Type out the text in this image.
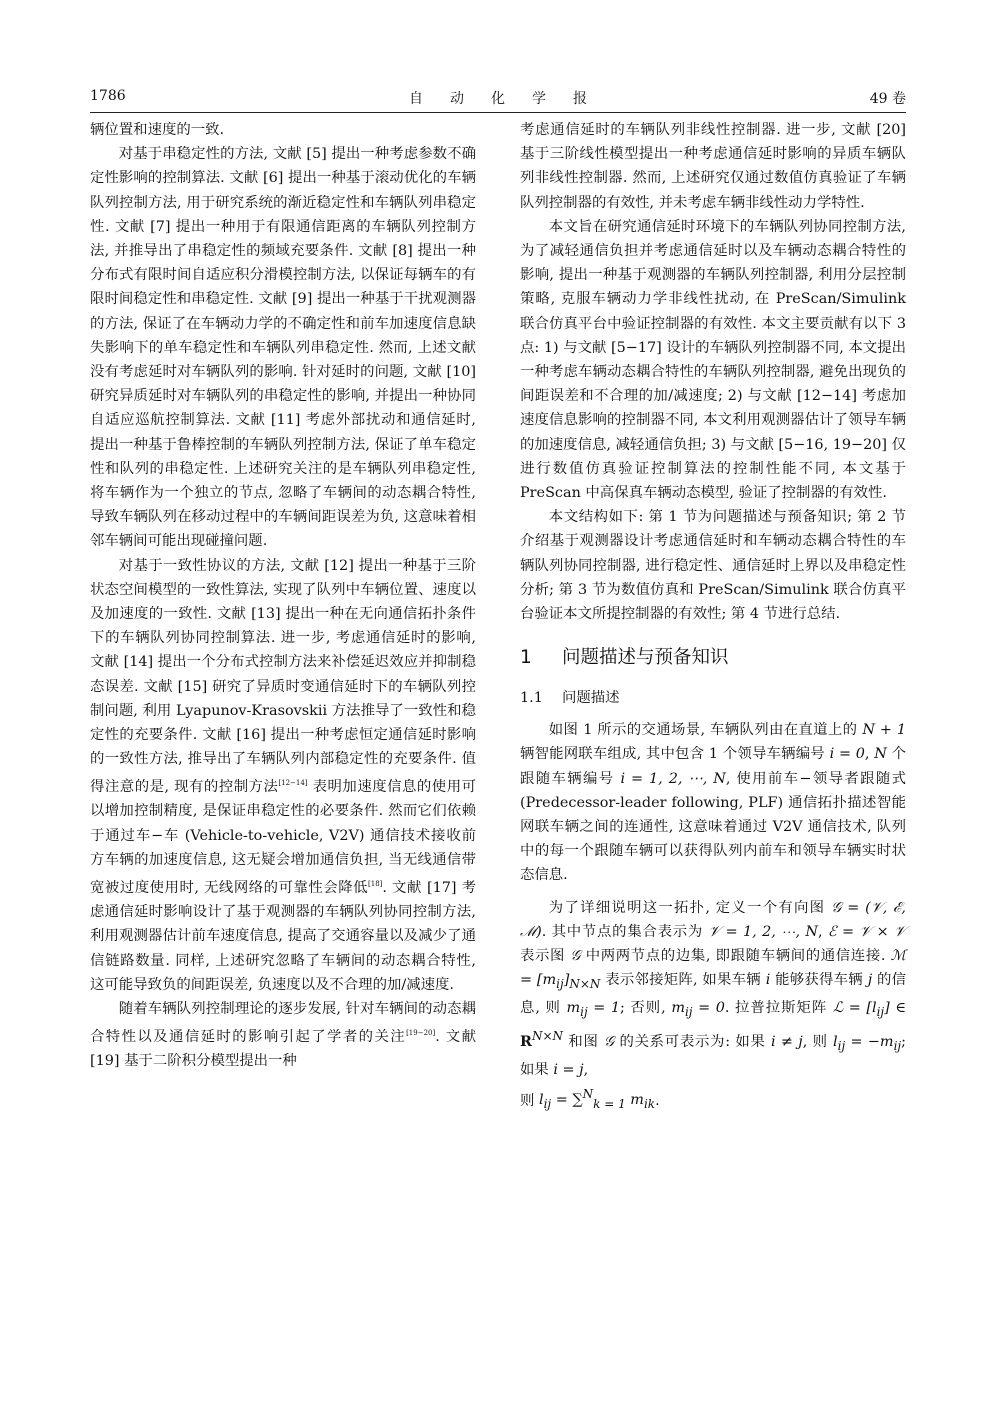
1786	自动化学报	49 卷

辆位置和速度的一致.

对基于串稳定性的方法, 文献 [5] 提出一种考虑参数不确定性影响的控制算法. 文献 [6] 提出一种基于滚动优化的车辆队列控制方法, 用于研究系统的渐近稳定性和车辆队列串稳定性. 文献 [7] 提出一种用于有限通信距离的车辆队列控制方法, 并推导出了串稳定性的频域充要条件. 文献 [8] 提出一种分布式有限时间自适应积分滑模控制方法, 以保证每辆车的有限时间稳定性和串稳定性. 文献 [9] 提出一种基于干扰观测器的方法, 保证了在车辆动力学的不确定性和前车加速度信息缺失影响下的单车稳定性和车辆队列串稳定性. 然而, 上述文献没有考虑延时对车辆队列的影响. 针对延时的问题, 文献 [10] 研究异质延时对车辆队列的串稳定性的影响, 并提出一种协同自适应巡航控制算法. 文献 [11] 考虑外部扰动和通信延时, 提出一种基于鲁棒控制的车辆队列控制方法, 保证了单车稳定性和队列的串稳定性. 上述研究关注的是车辆队列串稳定性, 将车辆作为一个独立的节点, 忽略了车辆间的动态耦合特性, 导致车辆队列在移动过程中的车辆间距误差为负, 这意味着相邻车辆间可能出现碰撞问题.

对基于一致性协议的方法, 文献 [12] 提出一种基于三阶状态空间模型的一致性算法, 实现了队列中车辆位置、速度以及加速度的一致性. 文献 [13] 提出一种在无向通信拓扑条件下的车辆队列协同控制算法. 进一步, 考虑通信延时的影响, 文献 [14] 提出一个分布式控制方法来补偿延迟效应并抑制稳态误差. 文献 [15] 研究了异质时变通信延时下的车辆队列控制问题, 利用 Lyapunov-Krasovskii 方法推导了一致性和稳定性的充要条件. 文献 [16] 提出一种考虑恒定通信延时影响的一致性方法, 推导出了车辆队列内部稳定性的充要条件. 值得注意的是, 现有的控制方法[12−14] 表明加速度信息的使用可以增加控制精度, 是保证串稳定性的必要条件. 然而它们依赖于通过车−车 (Vehicle-to-vehicle, V2V) 通信技术接收前方车辆的加速度信息, 这无疑会增加通信负担, 当无线通信带宽被过度使用时, 无线网络的可靠性会降低[18]. 文献 [17] 考虑通信延时影响设计了基于观测器的车辆队列协同控制方法, 利用观测器估计前车速度信息, 提高了交通容量以及减少了通信链路数量. 同样, 上述研究忽略了车辆间的动态耦合特性, 这可能导致负的间距误差, 负速度以及不合理的加/减速度.

随着车辆队列控制理论的逐步发展, 针对车辆间的动态耦合特性以及通信延时的影响引起了学者的关注[19−20]. 文献 [19] 基于二阶积分模型提出一种

考虑通信延时的车辆队列非线性控制器. 进一步, 文献 [20] 基于三阶线性模型提出一种考虑通信延时影响的异质车辆队列非线性控制器. 然而, 上述研究仅通过数值仿真验证了车辆队列控制器的有效性, 并未考虑车辆非线性动力学特性.

本文旨在研究通信延时环境下的车辆队列协同控制方法, 为了减轻通信负担并考虑通信延时以及车辆动态耦合特性的影响, 提出一种基于观测器的车辆队列控制器, 利用分层控制策略, 克服车辆动力学非线性扰动, 在 PreScan/Simulink 联合仿真平台中验证控制器的有效性. 本文主要贡献有以下 3 点: 1) 与文献 [5−17] 设计的车辆队列控制器不同, 本文提出一种考虑车辆动态耦合特性的车辆队列控制器, 避免出现负的间距误差和不合理的加/减速度; 2) 与文献 [12−14] 考虑加速度信息影响的控制器不同, 本文利用观测器估计了领导车辆的加速度信息, 减轻通信负担; 3) 与文献 [5−16, 19−20] 仅进行数值仿真验证控制算法的控制性能不同, 本文基于 PreScan 中高保真车辆动态模型, 验证了控制器的有效性.

本文结构如下: 第 1 节为问题描述与预备知识; 第 2 节介绍基于观测器设计考虑通信延时和车辆动态耦合特性的车辆队列协同控制器, 进行稳定性、通信延时上界以及串稳定性分析; 第 3 节为数值仿真和 PreScan/Simulink 联合仿真平台验证本文所提控制器的有效性; 第 4 节进行总结.

1 问题描述与预备知识
1.1 问题描述

如图 1 所示的交通场景, 车辆队列由在直道上的 N + 1 辆智能网联车组成, 其中包含 1 个领导车辆编号 i = 0, N 个跟随车辆编号 i = 1, 2, ⋯, N, 使用前车−领导者跟随式 (Predecessor-leader following, PLF) 通信拓扑描述智能网联车辆之间的连通性, 这意味着通过 V2V 通信技术, 队列中的每一个跟随车辆可以获得队列内前车和领导车辆实时状态信息.

为了详细说明这一拓扑, 定义一个有向图 𝒢 = (𝒱, ℰ, ℳ). 其中节点的集合表示为 𝒱 = 1, 2, ⋯, N, ℰ = 𝒱 × 𝒱 表示图 𝒢 中两两节点的边集, 即跟随车辆间的通信连接. ℳ = $[m_{ij}]_{N\times N}$ 表示邻接矩阵, 如果车辆 i 能够获得车辆 j 的信息, 则 $m_{ij} = 1$; 否则, $m_{ij} = 0$. 拉普拉斯矩阵 ℒ = $[l_{ij}]$ ∈ $R^{N\times N}$ 和图 𝒢 的关系可表示为: 如果 i ≠ j, 则 $l_{ij} = -m_{ij}$; 如果 i = j,

则 $l_{ij} = \sum^N_{k = 1}$ $m_{ik}$.
